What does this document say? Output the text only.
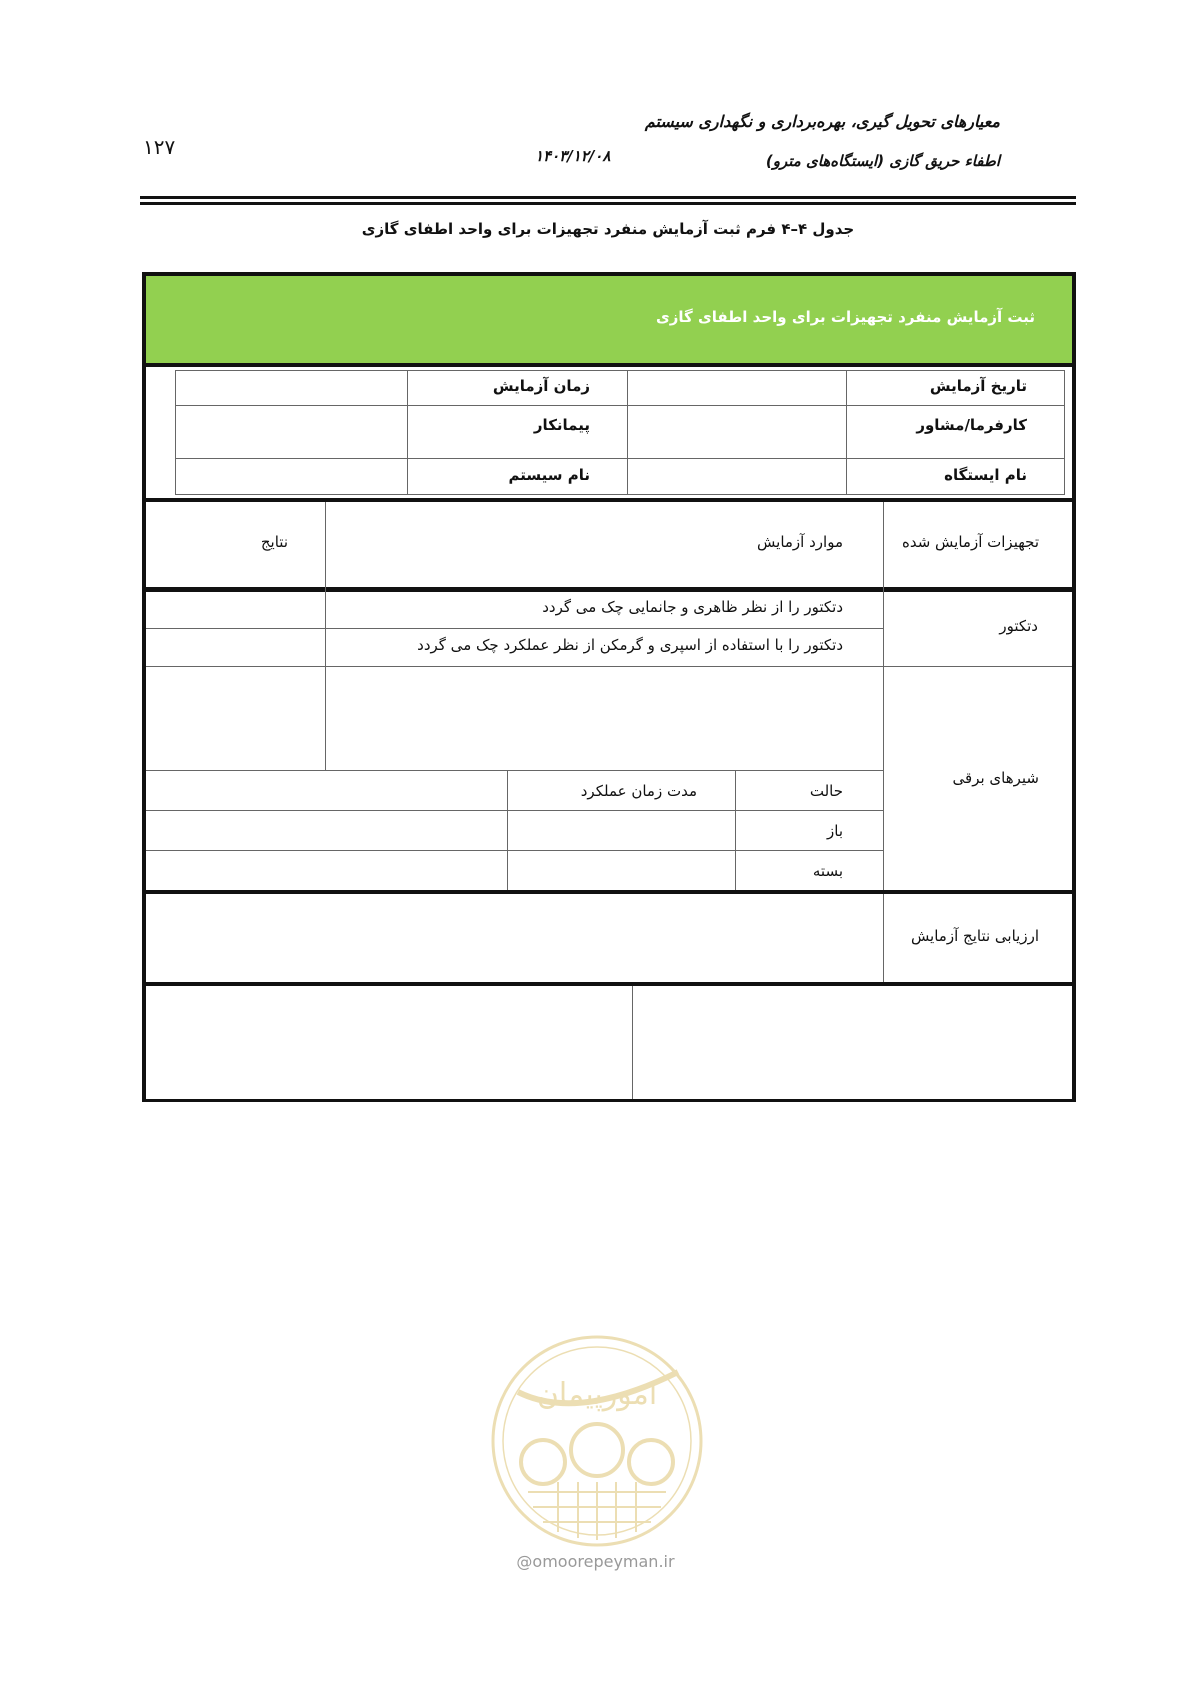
معیارهای تحویل گیری، بهره‌برداری و نگهداری سیستم
اطفاء حریق گازی (ایستگاه‌های مترو)
۱۲۷	۱۴۰۳/۱۲/۰۸
جدول ۴–۴ فرم ثبت آزمایش منفرد تجهیزات برای واحد اطفای گازی
ثبت آزمایش منفرد تجهیزات برای واحد اطفای گازی
تاریخ آزمایش
زمان آزمایش
کارفرما/مشاور
پیمانکار
نام ایستگاه
نام سیستم
تجهیزات آزمایش شده
موارد آزمایش
نتایج
دتکتور
دتکتور را از نظر ظاهری و جانمایی چک می گردد
دتکتور را با استفاده از اسپری و گرمکن از نظر عملکرد چک می گردد
شیرهای برقی
حالت
مدت زمان عملکرد
باز
بسته
ارزیابی نتایج آزمایش
امورپیمان
@omoorepeyman.ir
